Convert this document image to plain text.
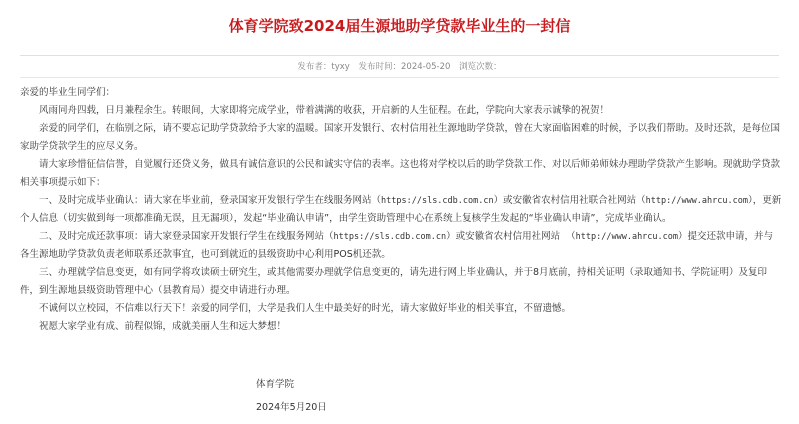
体育学院致2024届生源地助学贷款毕业生的一封信
发布者：tyxy 发布时间：2024-05-20 浏览次数：

亲爱的毕业生同学们：

风雨同舟四载，日月兼程余生。转眼间，大家即将完成学业，带着满满的收获，开启新的人生征程。在此，学院向大家表示诚挚的祝贺！

亲爱的同学们，在临别之际，请不要忘记助学贷款给予大家的温暖。国家开发银行、农村信用社生源地助学贷款，曾在大家面临困难的时候，予以我们帮助。及时还款，是每位国家助学贷款学生的应尽义务。

请大家珍惜征信信誉，自觉履行还贷义务，做具有诚信意识的公民和诚实守信的表率。这也将对学校以后的助学贷款工作、对以后师弟师妹办理助学贷款产生影响。现就助学贷款相关事项提示如下：

一、及时完成毕业确认：请大家在毕业前，登录国家开发银行学生在线服务网站（https://sls.cdb.com.cn）或安徽省农村信用社联合社网站（http://www.ahrcu.com），更新个人信息（切实做到每一项都准确无误，且无漏项），发起“毕业确认申请”，由学生资助管理中心在系统上复核学生发起的“毕业确认申请”，完成毕业确认。

二、及时完成还款事项：请大家登录国家开发银行学生在线服务网站（https://sls.cdb.com.cn）或安徽省农村信用社网站  （http://www.ahrcu.com）提交还款申请，并与各生源地助学贷款负责老师联系还款事宜，也可到就近的县级资助中心利用POS机还款。

三、办理就学信息变更，如有同学将攻读硕士研究生，或其他需要办理就学信息变更的，请先进行网上毕业确认，并于8月底前，持相关证明（录取通知书、学院证明）及复印件，到生源地县级资助管理中心（县教育局）提交申请进行办理。

不诚何以立校园，不信难以行天下！亲爱的同学们，大学是我们人生中最美好的时光，请大家做好毕业的相关事宜，不留遗憾。

祝愿大家学业有成、前程似锦，成就美丽人生和远大梦想！

体育学院
2024年5月20日
